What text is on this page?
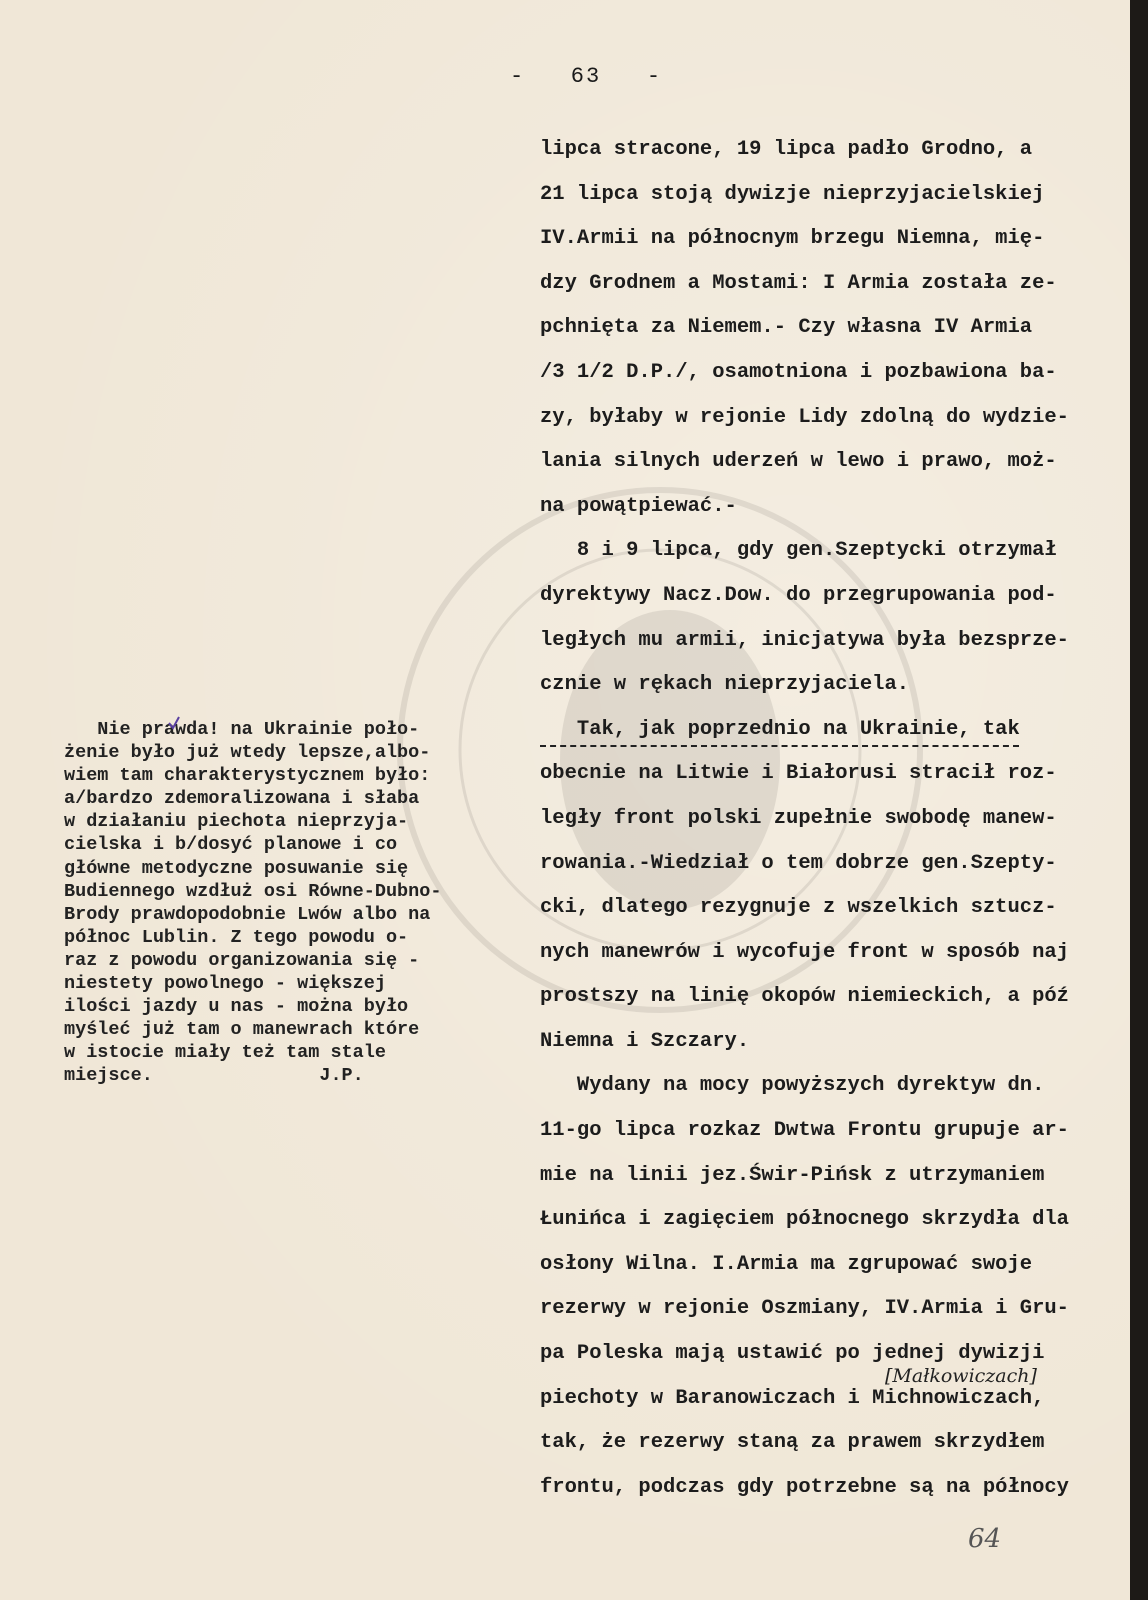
-   63   -
lipca stracone, 19 lipca padło Grodno, a
21 lipca stoją dywizje nieprzyjacielskiej
IV.Armii na północnym brzegu Niemna, mię-
dzy Grodnem a Mostami: I Armia została ze-
pchnięta za Niemem.- Czy własna IV Armia
/3 1/2 D.P./, osamotniona i pozbawiona ba-
zy, byłaby w rejonie Lidy zdolną do wydzie-
lania silnych uderzeń w lewo i prawo, moż-
na powątpiewać.-
8 i 9 lipca, gdy gen.Szeptycki otrzymał
dyrektywy Nacz.Dow. do przegrupowania pod-
ległych mu armii, inicjatywa była bezsprze-
cznie w rękach nieprzyjaciela.
Tak, jak poprzednio na Ukrainie, tak
obecnie na Litwie i Białorusi stracił roz-
legły front polski zupełnie swobodę manew-
rowania.-Wiedział o tem dobrze gen.Szepty-
cki, dlatego rezygnuje z wszelkich sztucz-
nych manewrów i wycofuje front w sposób naj
prostszy na linię okopów niemieckich, a póź
Niemna i Szczary.
Wydany na mocy powyższych dyrektyw dn.
11-go lipca rozkaz Dwtwa Frontu grupuje ar-
mie na linii jez.Świr-Pińsk z utrzymaniem
Łunińca i zagięciem północnego skrzydła dla
osłony Wilna. I.Armia ma zgrupować swoje
rezerwy w rejonie Oszmiany, IV.Armia i Gru-
pa Poleska mają ustawić po jednej dywizji
piechoty w Baranowiczach i Michnowiczach,
tak, że rezerwy staną za prawem skrzydłem
frontu, podczas gdy potrzebne są na północy
Nie prawda! na Ukrainie poło-
żenie było już wtedy lepsze,albo-
wiem tam charakterystycznem było:
a/bardzo zdemoralizowana i słaba
w działaniu piechota nieprzyja-
cielska i b/dosyć planowe i co
główne metodyczne posuwanie się
Budiennego wzdłuż osi Równe-Dubno-
Brody prawdopodobnie Lwów albo na
północ Lublin. Z tego powodu o-
raz z powodu organizowania się -
niestety powolnego - większej
ilości jazdy u nas - można było
myśleć już tam o manewrach które
w istocie miały też tam stale
miejsce.               J.P.
[Małkowiczach]
64
